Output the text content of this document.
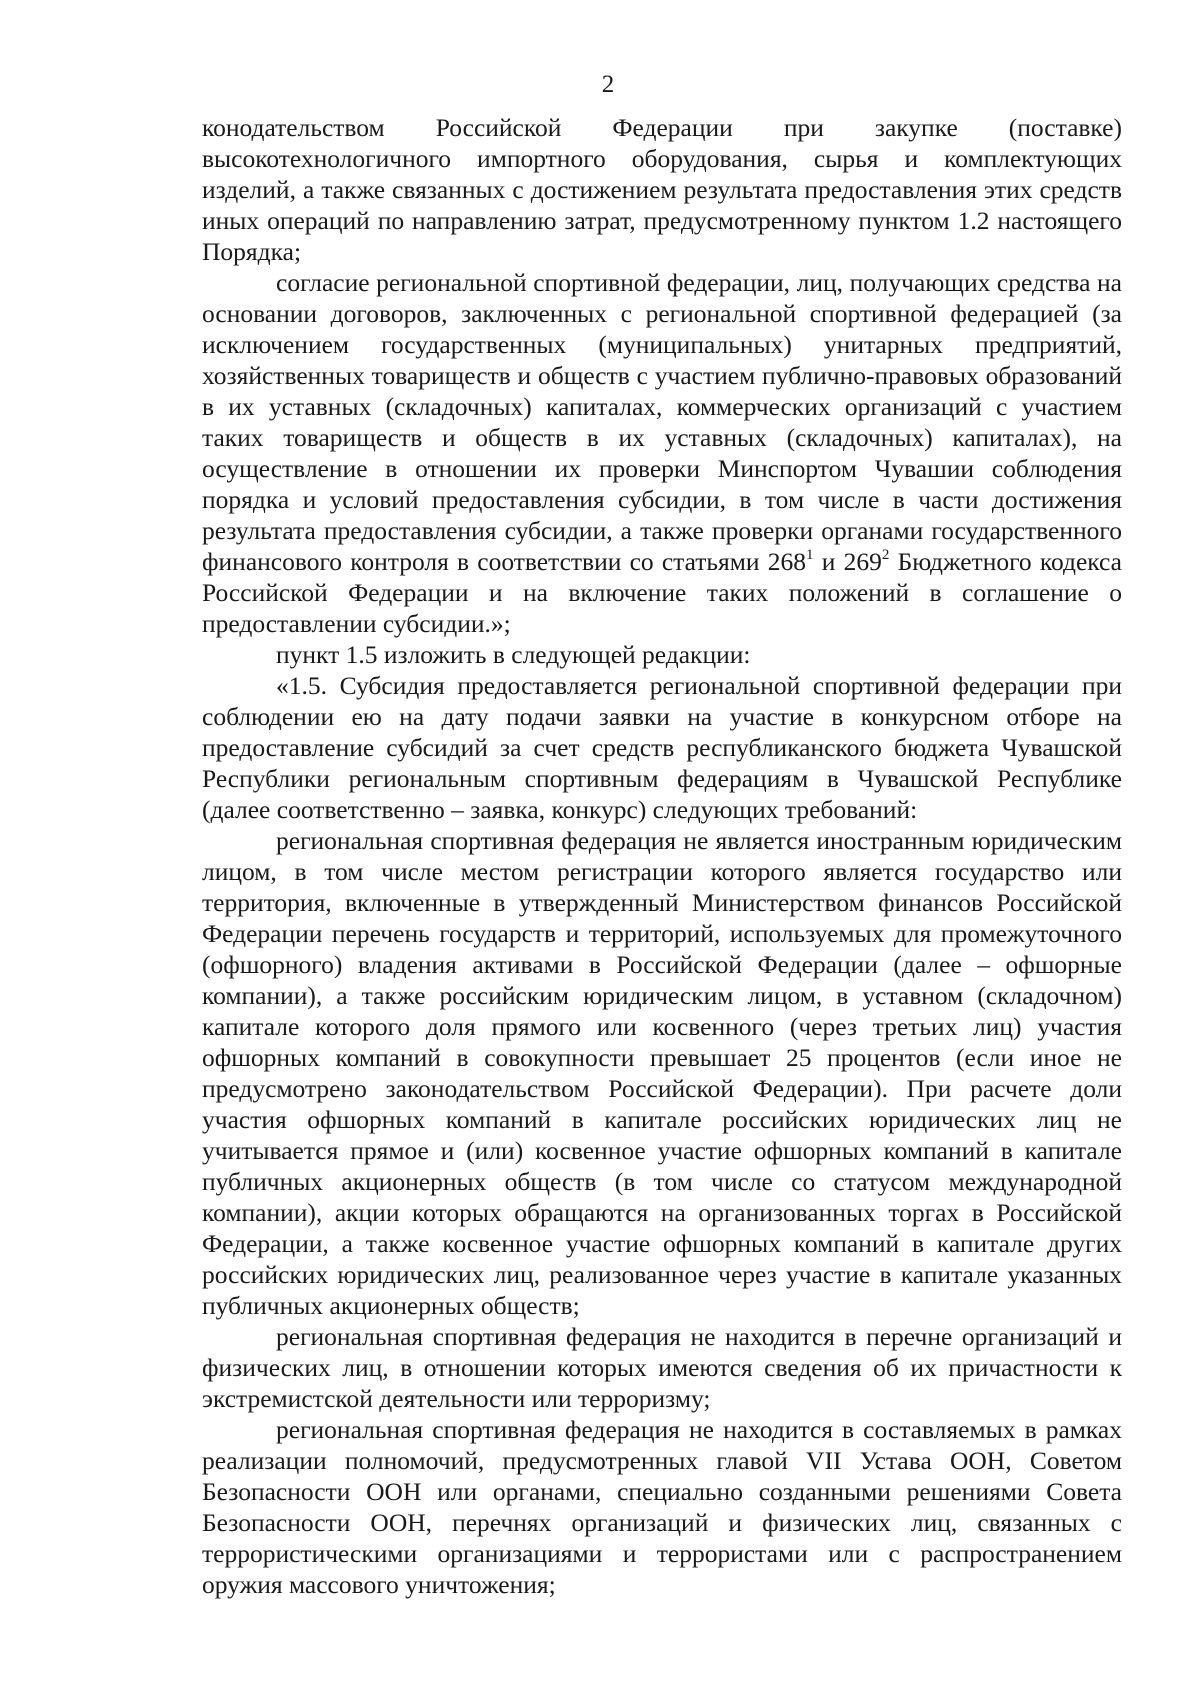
2

конодательством Российской Федерации при закупке (поставке) высокотехнологичного импортного оборудования, сырья и комплектующих изделий, а также связанных с достижением результата предоставления этих средств иных операций по направлению затрат, предусмотренному пунктом 1.2 настоящего Порядка;

согласие региональной спортивной федерации, лиц, получающих средства на основании договоров, заключенных с региональной спортивной федерацией (за исключением государственных (муниципальных) унитарных предприятий, хозяйственных товариществ и обществ с участием публично-правовых образований в их уставных (складочных) капиталах, коммерческих организаций с участием таких товариществ и обществ в их уставных (складочных) капиталах), на осуществление в отношении их проверки Минспортом Чувашии соблюдения порядка и условий предоставления субсидии, в том числе в части достижения результата предоставления субсидии, а также проверки органами государственного финансового контроля в соответствии со статьями $268^1$ и $269^2$ Бюджетного кодекса Российской Федерации и на включение таких положений в соглашение о предоставлении субсидии.»;

пункт 1.5 изложить в следующей редакции:

«1.5. Субсидия предоставляется региональной спортивной федерации при соблюдении ею на дату подачи заявки на участие в конкурсном отборе на предоставление субсидий за счет средств республиканского бюджета Чувашской Республики региональным спортивным федерациям в Чувашской Республике (далее соответственно – заявка, конкурс) следующих требований:

региональная спортивная федерация не является иностранным юридическим лицом, в том числе местом регистрации которого является государство или территория, включенные в утвержденный Министерством финансов Российской Федерации перечень государств и территорий, используемых для промежуточного (офшорного) владения активами в Российской Федерации (далее – офшорные компании), а также российским юридическим лицом, в уставном (складочном) капитале которого доля прямого или косвенного (через третьих лиц) участия офшорных компаний в совокупности превышает 25 процентов (если иное не предусмотрено законодательством Российской Федерации). При расчете доли участия офшорных компаний в капитале российских юридических лиц не учитывается прямое и (или) косвенное участие офшорных компаний в капитале публичных акционерных обществ (в том числе со статусом международной компании), акции которых обращаются на организованных торгах в Российской Федерации, а также косвенное участие офшорных компаний в капитале других российских юридических лиц, реализованное через участие в капитале указанных публичных акционерных обществ;

региональная спортивная федерация не находится в перечне организаций и физических лиц, в отношении которых имеются сведения об их причастности к экстремистской деятельности или терроризму;

региональная спортивная федерация не находится в составляемых в рамках реализации полномочий, предусмотренных главой VII Устава ООН, Советом Безопасности ООН или органами, специально созданными решениями Совета Безопасности ООН, перечнях организаций и физических лиц, связанных с террористическими организациями и террористами или с распространением оружия массового уничтожения;
